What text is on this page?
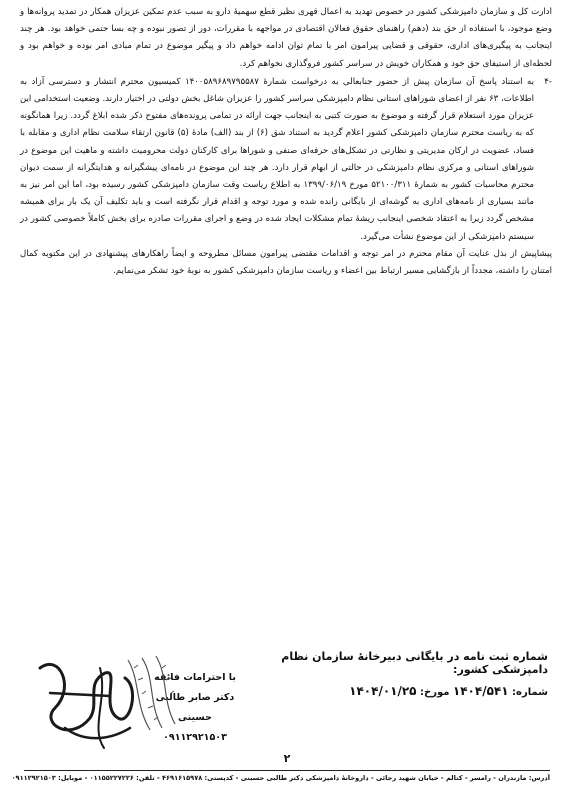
ادارت کل و سازمان دامپزشکی کشور در خصوص تهدید به اعمال قهری نظیر قطع سهمیهٔ دارو به سبب عدم تمکین عزیزان همکار در تمدید پروانه‌ها و وضع موجود، با استفاده از حق بند (دهم) راهنمای حقوق فعالان اقتصادی در مواجهه با مقررات، دور از تصور نبوده و چه بسا حتمی خواهد بود. هر چند اینجانب به پیگیری‌های اداری، حقوقی و قضایی پیرامون امر با تمام توان ادامه خواهم داد و پیگیر موضوع در تمام مبادی امر بوده و خواهم بود و لحظه‌ای از استیفای حق خود و همکاران خویش در سراسر کشور فروگذاری نخواهم کرد.

-۴

به استناد پاسخ آن سازمان پیش از حضور جنابعالی به درخواست شمارهٔ ۱۴۰۰۵۸۹۶۸۹۷۹۵۵۸۷ کمیسیون محترم انتشار و دسترسی آزاد به اطلاعات، ۶۳ نفر از اعضای شوراهای استانی نظام دامپزشکی سراسر کشور را عزیزان شاغل بخش دولتی در اختیار دارند. وضعیت استخدامی این عزیزان مورد استعلام قرار گرفته و موضوع به صورت کتبی به اینجانب جهت ارائه در تمامی پرونده‌های مفتوح ذکر شده ابلاغ گردد. زیرا همانگونه که به ریاست محترم سازمان دامپزشکی کشور اعلام گردید به استناد شق (۶) از بند (الف) مادهٔ (۵) قانون ارتقاء سلامت نظام اداری و مقابله با فساد، عضویت در ارکان مدیریتی و نظارتی در تشکل‌های حرفه‌ای صنفی و شوراها برای کارکنان دولت محرومیت داشته و ماهیت این موضوع در شوراهای استانی و مرکزی نظام دامپزشکی در حالتی از ابهام قرار دارد. هر چند این موضوع در نامه‌ای پیشگیرانه و هدایتگرانه از سمت دیوان محترم محاسبات کشور به شمارهٔ ۵۲۱۰۰/۳۱۱ مورخ ۱۳۹۹/۰۶/۱۹ به اطلاع ریاست وقت سازمان دامپزشکی کشور رسیده بود، اما این امر نیز به مانند بسیاری از نامه‌های اداری به گوشه‌ای از بایگانی رانده شده و مورد توجه و اقدام قرار نگرفته است و باید تکلیف آن یک بار برای همیشه مشخص گردد زیرا به اعتقاد شخصی اینجانب ریشهٔ تمام مشکلات ایجاد شده در وضع و اجرای مقررات صادره برای بخش کاملاً خصوصی کشور در سیستم دامپزشکی از این موضوع نشأت می‌گیرد.

پیشاپیش از بذل عنایت آن مقام محترم در امر توجه و اقدامات مقتضی پیرامون مسائل مطروحه و ایضاً راهکارهای پیشنهادی در این مکتوبه کمال امتنان را داشته، مجدداً از بازگشایی مسیر ارتباط بین اعضاء و ریاست سازمان دامپزشکی کشور به نوبهٔ خود تشکر می‌نمایم.

شماره ثبت نامه در بایگانی دبیرخانهٔ سازمان نظام دامپزشکی کشور:

شماره: ۱۴۰۴/۵۴۱ مورخ: ۱۴۰۴/۰۱/۲۵
با احترامات فائقه
دکتر صابر طالبی حسینی
۰۹۱۱۲۹۲۱۵۰۳
۲
آدرس: مازندران - رامسر - کتالم - خیابان شهید رجائی - داروخانهٔ دامپزشکی دکتر طالبی حسینی - کدپستی: ۴۶۹۱۶۱۵۹۷۸ - تلفن: ۰۱۱۵۵۲۲۷۲۲۶ - موبایل: ۰۹۱۱۲۹۲۱۵۰۳
